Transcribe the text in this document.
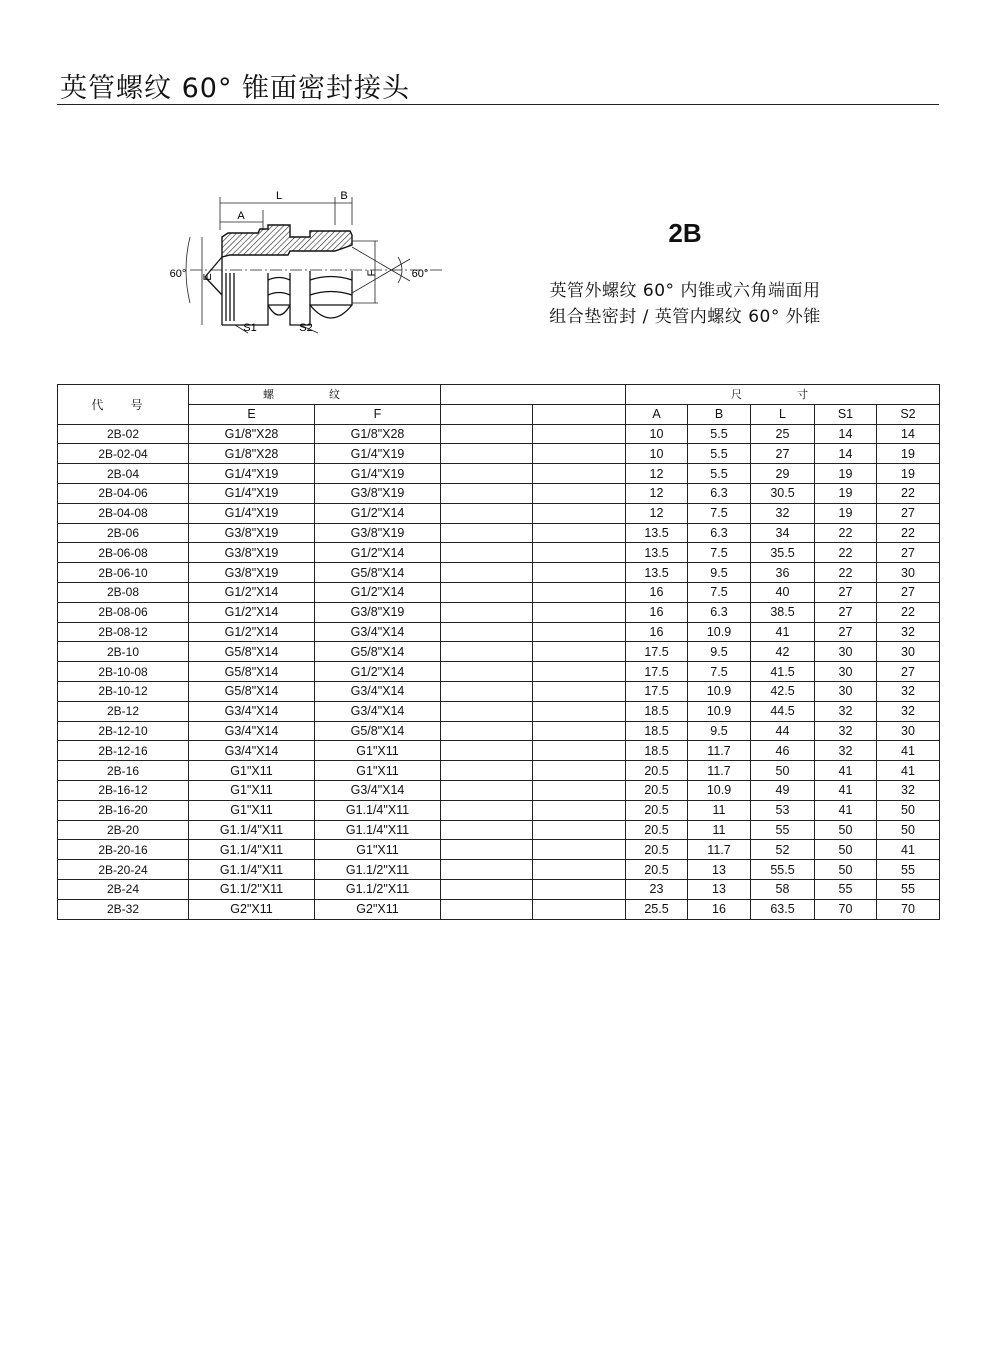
英管螺纹 60° 锥面密封接头
L	B
A
E
F
60°	60°
S1	S2
2B
英管外螺纹 60° 内锥或六角端面用
组合垫密封 / 英管内螺纹 60° 外锥
代 号	螺 纹				尺 寸				
	E	F			A	B	L	S1	S2
2B-02	G1/8"X28	G1/8"X28			10	5.5	25	14	14
2B-02-04	G1/8"X28	G1/4"X19			10	5.5	27	14	19
2B-04	G1/4"X19	G1/4"X19			12	5.5	29	19	19
2B-04-06	G1/4"X19	G3/8"X19			12	6.3	30.5	19	22
2B-04-08	G1/4"X19	G1/2"X14			12	7.5	32	19	27
2B-06	G3/8"X19	G3/8"X19			13.5	6.3	34	22	22
2B-06-08	G3/8"X19	G1/2"X14			13.5	7.5	35.5	22	27
2B-06-10	G3/8"X19	G5/8"X14			13.5	9.5	36	22	30
2B-08	G1/2"X14	G1/2"X14			16	7.5	40	27	27
2B-08-06	G1/2"X14	G3/8"X19			16	6.3	38.5	27	22
2B-08-12	G1/2"X14	G3/4"X14			16	10.9	41	27	32
2B-10	G5/8"X14	G5/8"X14			17.5	9.5	42	30	30
2B-10-08	G5/8"X14	G1/2"X14			17.5	7.5	41.5	30	27
2B-10-12	G5/8"X14	G3/4"X14			17.5	10.9	42.5	30	32
2B-12	G3/4"X14	G3/4"X14			18.5	10.9	44.5	32	32
2B-12-10	G3/4"X14	G5/8"X14			18.5	9.5	44	32	30
2B-12-16	G3/4"X14	G1"X11			18.5	11.7	46	32	41
2B-16	G1"X11	G1"X11			20.5	11.7	50	41	41
2B-16-12	G1"X11	G3/4"X14			20.5	10.9	49	41	32
2B-16-20	G1"X11	G1.1/4"X11			20.5	11	53	41	50
2B-20	G1.1/4"X11	G1.1/4"X11			20.5	11	55	50	50
2B-20-16	G1.1/4"X11	G1"X11			20.5	11.7	52	50	41
2B-20-24	G1.1/4"X11	G1.1/2"X11			20.5	13	55.5	50	55
2B-24	G1.1/2"X11	G1.1/2"X11			23	13	58	55	55
2B-32	G2"X11	G2"X11			25.5	16	63.5	70	70
